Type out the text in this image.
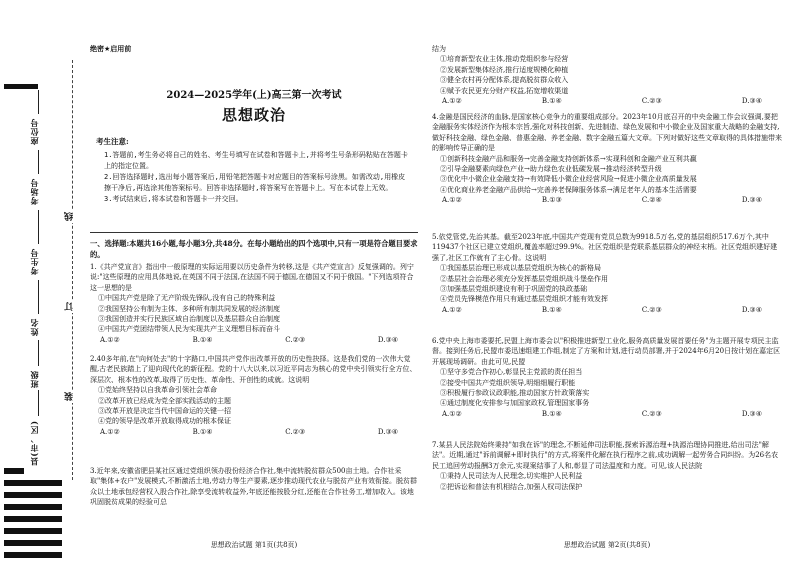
座位号
考场号
考生号
姓名
班级
县(市、区)
线
订
装
绝密★启用前
2024—2025学年(上)高三第一次考试
思想政治
考生注意:
1.答题前,考生务必将自己的姓名、考生号填写在试卷和答题卡上,并将考生号条形码粘贴在答题卡上的指定位置。
2.回答选择题时,选出每小题答案后,用铅笔把答题卡对应题目的答案标号涂黑。如需改动,用橡皮擦干净后,再选涂其他答案标号。回答非选择题时,将答案写在答题卡上。写在本试卷上无效。
3.考试结束后,将本试卷和答题卡一并交回。
一、选择题:本题共16小题,每小题3分,共48分。在每小题给出的四个选项中,只有一项是符合题目要求的。
1.《共产党宣言》指出中一般原理的实际运用要以历史条件为转移,这是《共产党宣言》反复强调的。列宁说:"这些原理的应用具体地说,在英国不同于法国,在法国不同于德国,在德国又不同于俄国。"下列选项符合这一思想的是
①中国共产党是除了无产阶级先锋队,没有自己的特殊利益
②我国坚持公有制为主体、多种所有制共同发展的经济制度
③我国创造并实行民族区域自治制度以及基层群众自治制度
④中国共产党团结带领人民为实现共产主义理想目标而奋斗
A.①②	B.①④	C.②③	D.③④
2.40多年前,在"向何处去"的十字路口,中国共产党作出改革开放的历史性抉择。这是我们党的一次伟大觉醒,古老民族踏上了迎向现代化的新征程。党的十八大以来,以习近平同志为核心的党中央引领实行全方位、深层次、根本性的改革,取得了历史性、革命性、开创性的成就。这说明
①党始终坚持以自我革命引领社会革命
②改革开放已经成为党全部实践活动的主题
③改革开放是决定当代中国命运的关键一招
④党的领导是改革开放取得成功的根本保证
A.①②	B.①④	C.②③	D.③④
3.近年来,安徽省肥县某社区通过党组织领办股份经济合作社,集中流转脱贫群众500亩土地。合作社采取"集体+农户"发展模式,不断激活土地,劳动力等生产要素,逐步推动现代农业与脱贫产业有效衔接。脱贫群众以土地承包经营权入股合作社,除享受流转收益外,年底还能按股分红,还能在合作社务工,增加收入。该地巩固脱贫成果的经验可总
思想政治试题 第1页(共8页)
结为
①培育新型农业主体,推动党组织参与经营
②发展新型集体经济,推行适度规模化种植
③健全农村再分配体系,提高脱贫群众收入
④赋予农民更充分财产权益,拓宽增收渠道
A.①②	B.①④	C.②③	D.③④
4.金融是国民经济的血脉,是国家核心竞争力的重要组成部分。2023年10月底召开的中央金融工作会议强调,要把金融服务实体经济作为根本宗旨,强化对科技创新、先进制造、绿色发展和中小微企业及国家重大战略的金融支持,做好科技金融、绿色金融、普惠金融、养老金融、数字金融五篇大文章。下列对做好这些文章取得的具体措施带来的影响传导正确的是
①创新科技金融产品和服务→完善金融支持创新体系→实现科创和金融产业互利共赢
②引导金融要素向绿色产业→助力绿色农业低碳发展→推动经济转型升级
③优化中小微企业金融支持→有效降低小微企业经营风险→促进小微企业高质量发展
④优化商业养老金融产品供给→完善养老保障服务体系→满足老年人的基本生活需要
A.①②	B.①③	C.②④	D.③④
5.依党管党,先治其基。截至2023年底,中国共产党现有党员总数为9918.5万名,党的基层组织517.6万个,其中119437个社区已建立党组织,覆盖率超过99.9%。社区党组织是党联系基层群众的神经末梢。社区党组织建好建强了,社区工作就有了主心骨。这说明
①我国基层治理已形成以基层党组织为核心的新格局
②基层社会治理必须充分发挥基层党组织战斗堡垒作用
③加强基层党组织建设有利于巩固党的执政基础
④党员先锋模范作用只有通过基层党组织才能有效发挥
A.①②	B.①④	C.②③	D.③④
6.党中央上海市委要托,民盟上海市委会以"积极推进新型工业化,服务高质量发展首要任务"为主题开展专项民主监督。接到任务后,民盟市委迅速组建工作组,制定了方案和计划,进行动员部署,并于2024年6月20日按计划在嘉定区开展现场调研。由此可见,民盟
①坚守多党合作初心,彰显民主党派的责任担当
②接受中国共产党组织领导,明细细履行职能
③积极履行参政议政职能,推动国家方针政策落实
④通过制度化安排参与加国家政权,管理国家事务
A.①②	B.①④	C.②③	D.③④
7.某县人民法院始终秉持"如我在诉"的理念,不断延伸司法职能,探索诉源治理+执源治理协同推进,给出司法"解法"。近期,通过"诉前调解+即时执行"的方式,将案件化解在执行程序之前,成功调解一起劳务合同纠纷。为26名农民工追回劳动报酬3万余元,实现案结事了人和,彰显了司法温度和力度。可见,该人民法院
①秉持人民司法为人民理念,切实维护人民利益
②把诉讼和普法有机相结合,加强人权司法保护
思想政治试题 第2页(共8页)
